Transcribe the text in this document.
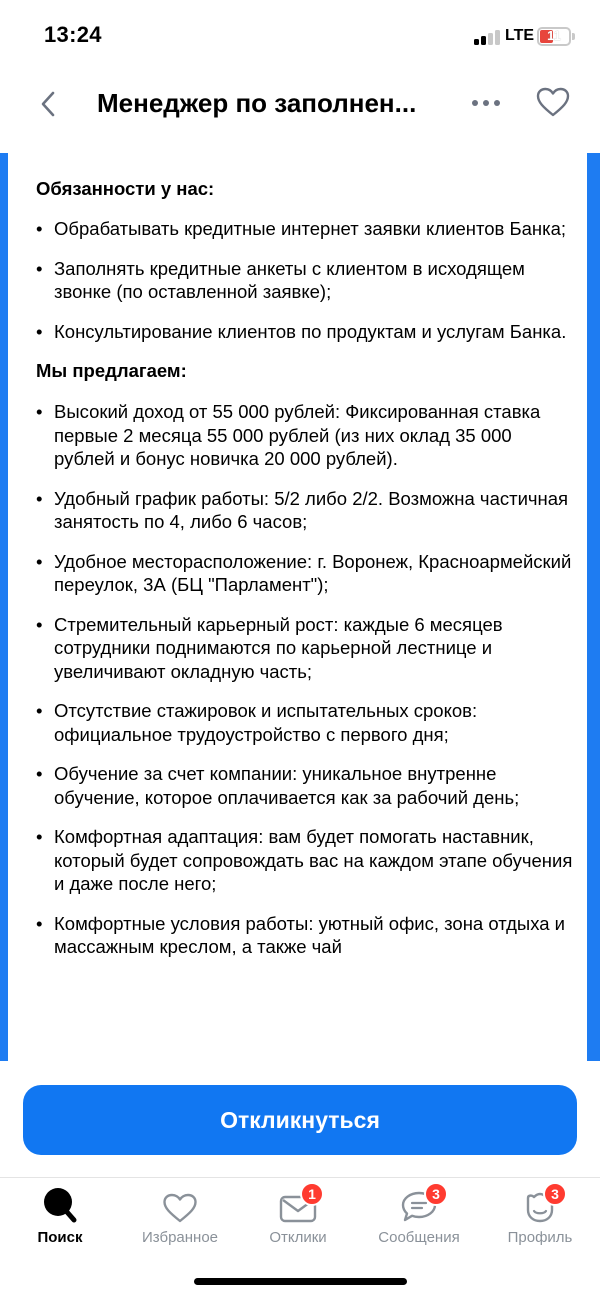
13:24	LTE	11
Менеджер по заполнен...
Обязанности у нас:
• Обрабатывать кредитные интернет заявки клиентов Банка;
• Заполнять кредитные анкеты с клиентом в исходящем звонке (по оставленной заявке);
• Консультирование клиентов по продуктам и услугам Банка.
Мы предлагаем:
• Высокий доход от 55 000 рублей: Фиксированная ставка первые 2 месяца 55 000 рублей (из них оклад 35 000 рублей и бонус новичка 20 000 рублей).
• Удобный график работы: 5/2 либо 2/2. Возможна частичная занятость по 4, либо 6 часов;
• Удобное месторасположение: г. Воронеж, Красноармейский переулок, 3А (БЦ "Парламент");
• Стремительный карьерный рост: каждые 6 месяцев сотрудники поднимаются по карьерной лестнице и увеличивают окладную часть;
• Отсутствие стажировок и испытательных сроков: официальное трудоустройство с первого дня;
• Обучение за счет компании: уникальное внутренне обучение, которое оплачивается как за рабочий день;
• Комфортная адаптация: вам будет помогать наставник, который будет сопровождать вас на каждом этапе обучения и даже после него;
• Комфортные условия работы: уютный офис, зона отдыха и массажным креслом, а также чай
Откликнуться
Поиск	Избранное
1
Отклики
3
Сообщения
3
Профиль
